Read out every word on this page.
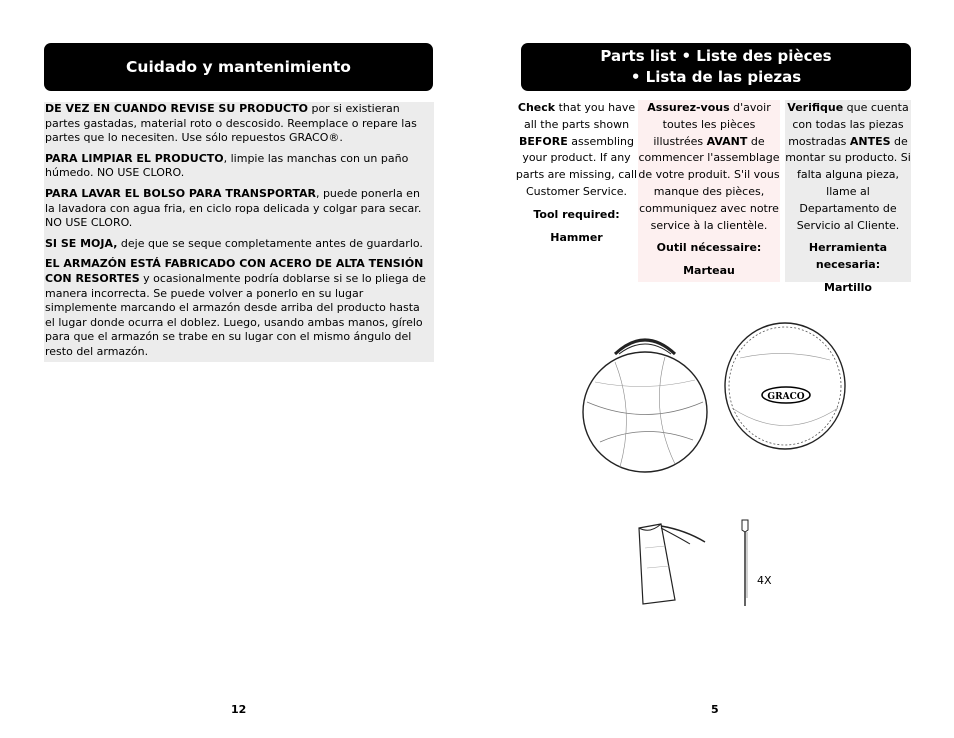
Cuidado y mantenimiento

DE VEZ EN CUANDO REVISE SU PRODUCTO por si existieran partes gastadas, material roto o descosido. Reemplace o repare las partes que lo necesiten. Use sólo repuestos GRACO®.

PARA LIMPIAR EL PRODUCTO, limpie las manchas con un paño húmedo. NO USE CLORO.

PARA LAVAR EL BOLSO PARA TRANSPORTAR, puede ponerla en la lavadora con agua fria, en ciclo ropa delicada y colgar para secar. NO USE CLORO.

SI SE MOJA, deje que se seque completamente antes de guardarlo.

EL ARMAZÓN ESTÁ FABRICADO CON ACERO DE ALTA TENSIÓN CON RESORTES y ocasionalmente podría doblarse si se lo pliega de manera incorrecta. Se puede volver a ponerlo en su lugar simplemente marcando el armazón desde arriba del producto hasta el lugar donde ocurra el doblez. Luego, usando ambas manos, gírelo para que el armazón se trabe en su lugar con el mismo ángulo del resto del armazón.

12
Parts list • Liste des pièces
• Lista de las piezas
Check that you have all the parts shown BEFORE assembling your product. If any parts are missing, call Customer Service.
Tool required:
Hammer
Assurez-vous d'avoir toutes les pièces illustrées AVANT de commencer l'assemblage de votre produit. S'il vous manque des pièces, communiquez avec notre service à la clientèle.
Outil nécessaire:
Marteau
Verifique que cuenta con todas las piezas mostradas ANTES de montar su producto. Si falta alguna pieza, llame al Departamento de Servicio al Cliente.
Herramienta necesaria:
Martillo
GRACO
4X
5
